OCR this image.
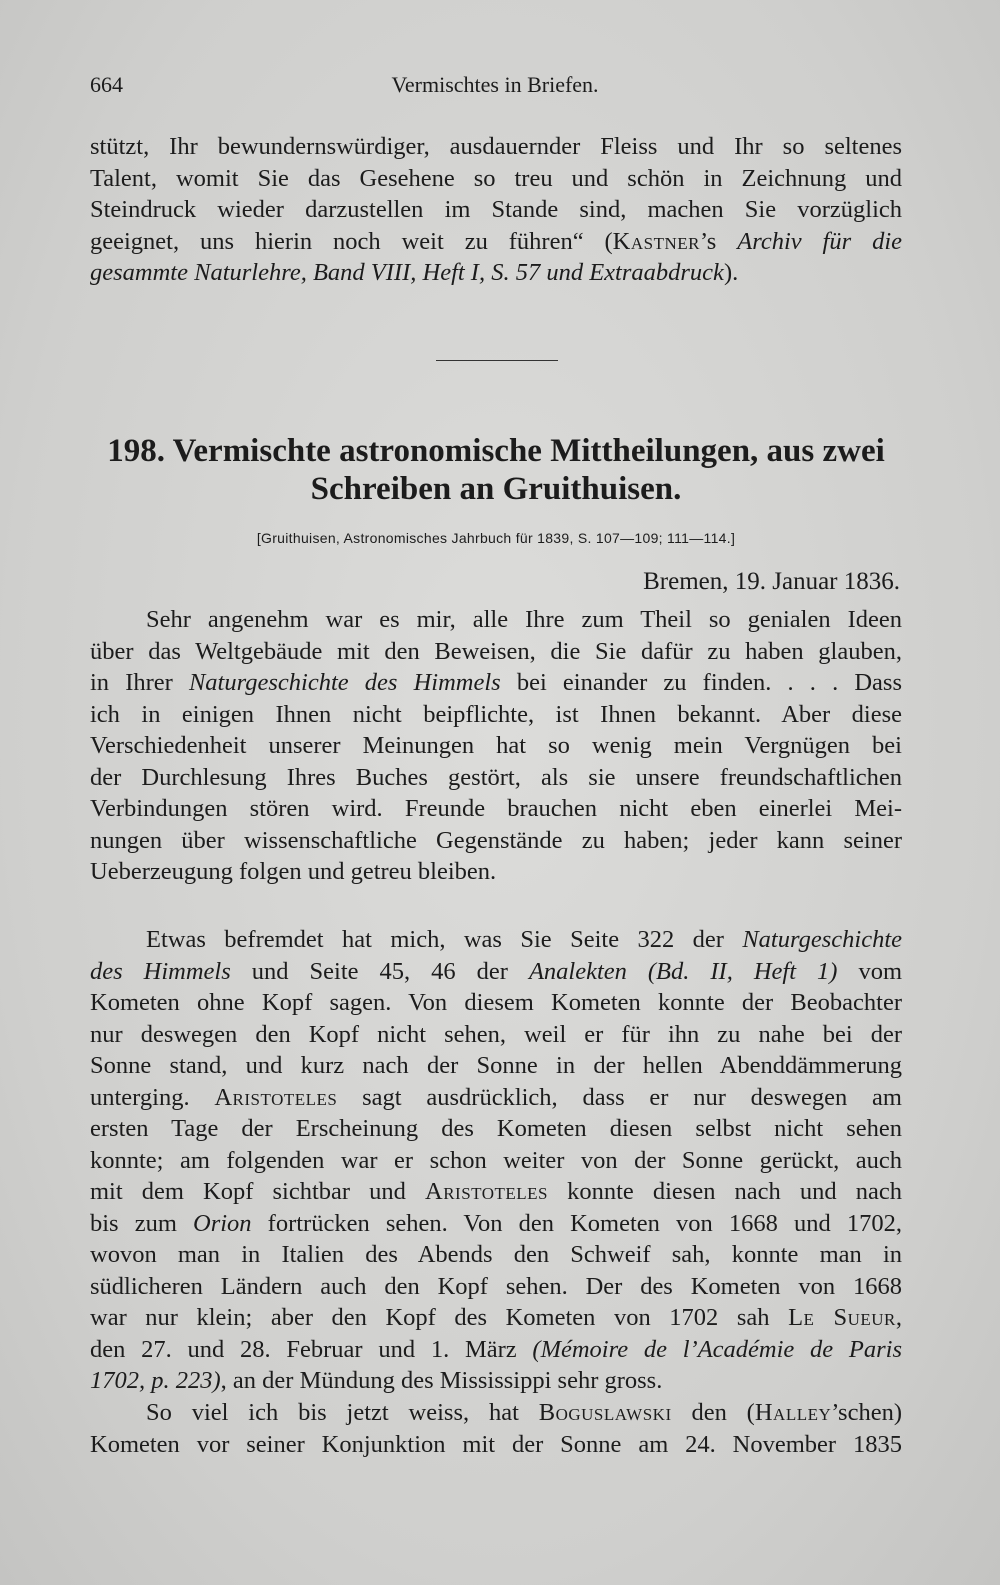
664	Vermischtes in Briefen.
stützt, Ihr bewundernswürdiger, ausdauernder Fleiss und Ihr so seltenes
Talent, womit Sie das Gesehene so treu und schön in Zeichnung und
Steindruck wieder darzustellen im Stande sind, machen Sie vorzüglich
geeignet, uns hierin noch weit zu führen“ (Kastner’s Archiv für die
gesammte Naturlehre, Band VIII, Heft I, S. 57 und Extraabdruck).
198. Vermischte astronomische Mittheilungen, aus zwei
Schreiben an Gruithuisen.
[Gruithuisen, Astronomisches Jahrbuch für 1839, S. 107—109; 111—114.]
Bremen, 19. Januar 1836.
Sehr angenehm war es mir, alle Ihre zum Theil so genialen Ideen
über das Weltgebäude mit den Beweisen, die Sie dafür zu haben glauben,
in Ihrer Naturgeschichte des Himmels bei einander zu finden. . . . Dass
ich in einigen Ihnen nicht beipflichte, ist Ihnen bekannt. Aber diese
Verschiedenheit unserer Meinungen hat so wenig mein Vergnügen bei
der Durchlesung Ihres Buches gestört, als sie unsere freundschaftlichen
Verbindungen stören wird. Freunde brauchen nicht eben einerlei Mei-
nungen über wissenschaftliche Gegenstände zu haben; jeder kann seiner
Ueberzeugung folgen und getreu bleiben.
Etwas befremdet hat mich, was Sie Seite 322 der Naturgeschichte
des Himmels und Seite 45, 46 der Analekten (Bd. II, Heft 1) vom
Kometen ohne Kopf sagen. Von diesem Kometen konnte der Beobachter
nur deswegen den Kopf nicht sehen, weil er für ihn zu nahe bei der
Sonne stand, und kurz nach der Sonne in der hellen Abenddämmerung
unterging. Aristoteles sagt ausdrücklich, dass er nur deswegen am
ersten Tage der Erscheinung des Kometen diesen selbst nicht sehen
konnte; am folgenden war er schon weiter von der Sonne gerückt, auch
mit dem Kopf sichtbar und Aristoteles konnte diesen nach und nach
bis zum Orion fortrücken sehen. Von den Kometen von 1668 und 1702,
wovon man in Italien des Abends den Schweif sah, konnte man in
südlicheren Ländern auch den Kopf sehen. Der des Kometen von 1668
war nur klein; aber den Kopf des Kometen von 1702 sah Le Sueur,
den 27. und 28. Februar und 1. März (Mémoire de l’Académie de Paris
1702, p. 223), an der Mündung des Mississippi sehr gross.
So viel ich bis jetzt weiss, hat Boguslawski den (Halley’schen)
Kometen vor seiner Konjunktion mit der Sonne am 24. November 1835
